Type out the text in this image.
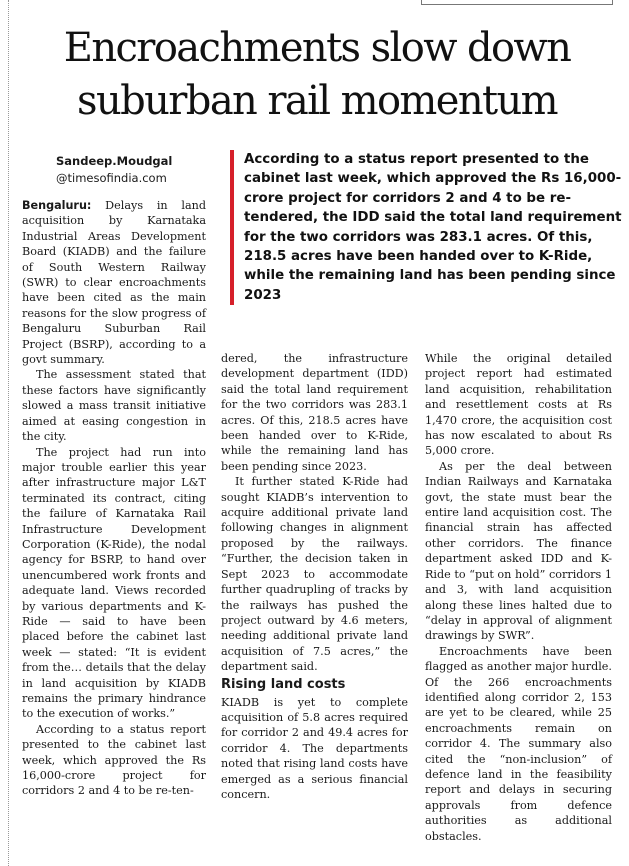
Encroachments slow down
suburban rail momentum
Sandeep.Moudgal
@timesofindia.com

According to a status report presented to the cabinet last week, which approved the Rs 16,000-crore project for corridors 2 and 4 to be re-tendered, the IDD said the total land requirement for the two corridors was 283.1 acres. Of this, 218.5 acres have been handed over to K-Ride, while the remaining land has been pending since 2023

Bengaluru: Delays in land acquisition by Karnataka Industrial Areas Development Board (KIADB) and the failure of South Western Railway (SWR) to clear encroachments have been cited as the main reasons for the slow progress of Bengaluru Suburban Rail Project (BSRP), according to a govt summary.

The assessment stated that these factors have significantly slowed a mass transit initiative aimed at easing congestion in the city.

The project had run into major trouble earlier this year after infrastructure major L&T terminated its contract, citing the failure of Karnataka Rail Infrastructure Development Corporation (K-Ride), the nodal agency for BSRP, to hand over unencumbered work fronts and adequate land. Views recorded by various departments and K-Ride — said to have been placed before the cabinet last week — stated: “It is evident from the… details that the delay in land acquisition by KIADB remains the primary hindrance to the execution of works.”

According to a status report presented to the cabinet last week, which approved the Rs 16,000-crore project for corridors 2 and 4 to be re-ten-

dered, the infrastructure development department (IDD) said the total land requirement for the two corridors was 283.1 acres. Of this, 218.5 acres have been handed over to K-Ride, while the remaining land has been pending since 2023.

It further stated K-Ride had sought KIADB’s intervention to acquire additional private land following changes in alignment proposed by the railways. “Further, the decision taken in Sept 2023 to accommodate further quadrupling of tracks by the railways has pushed the project outward by 4.6 meters, needing additional private land acquisition of 7.5 acres,” the department said.

Rising land costs

KIADB is yet to complete acquisition of 5.8 acres required for corridor 2 and 49.4 acres for corridor 4. The departments noted that rising land costs have emerged as a serious financial concern.

While the original detailed project report had estimated land acquisition, rehabilitation and resettlement costs at Rs 1,470 crore, the acquisition cost has now escalated to about Rs 5,000 crore.

As per the deal between Indian Railways and Karnataka govt, the state must bear the entire land acquisition cost. The financial strain has affected other corridors. The finance department asked IDD and K-Ride to “put on hold” corridors 1 and 3, with land acquisition along these lines halted due to “delay in approval of alignment drawings by SWR”.

Encroachments have been flagged as another major hurdle. Of the 266 encroachments identified along corridor 2, 153 are yet to be cleared, while 25 encroachments remain on corridor 4. The summary also cited the “non-inclusion” of defence land in the feasibility report and delays in securing approvals from defence authorities as additional obstacles.
